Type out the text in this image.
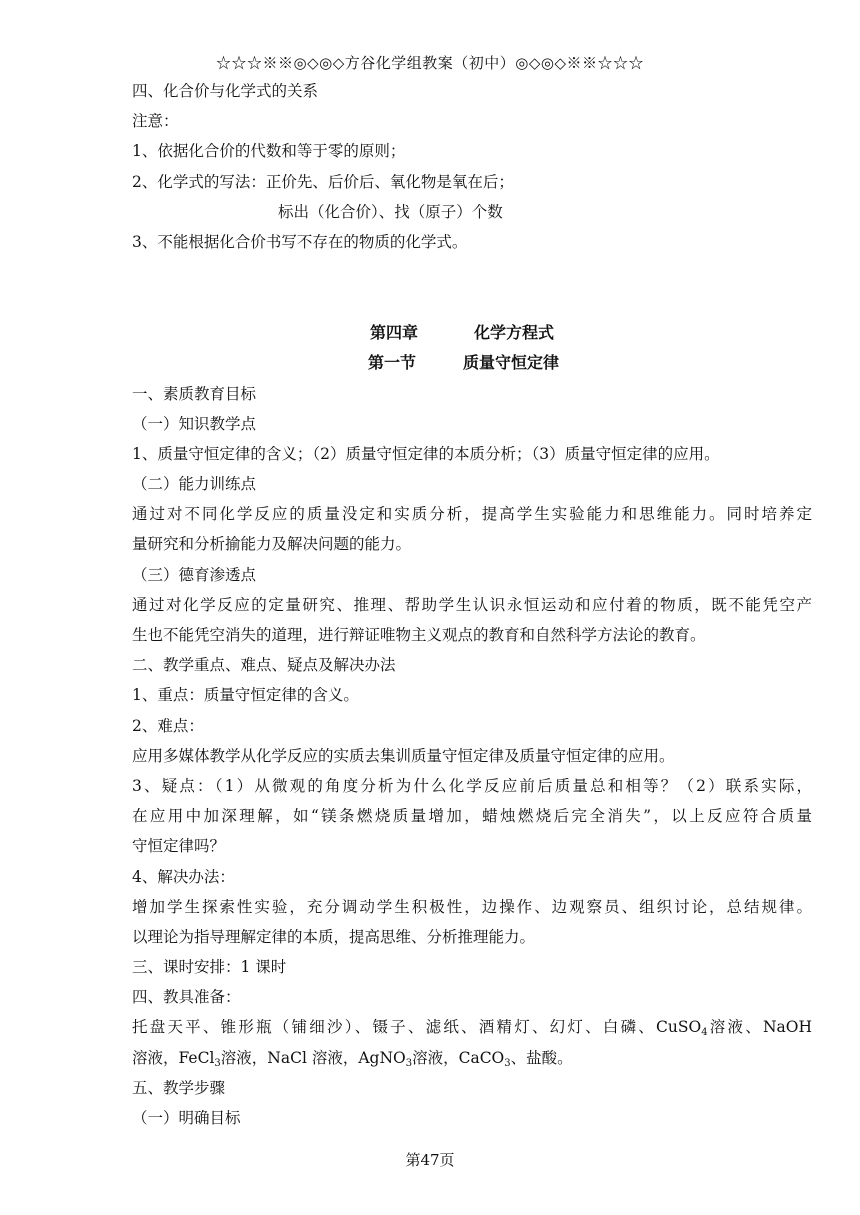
☆☆☆※※◎◇◎◇方谷化学组教案（初中）◎◇◎◇※※☆☆☆
四、化合价与化学式的关系
注意：
1、依据化合价的代数和等于零的原则；
2、化学式的写法：正价先、后价后、氧化物是氧在后；
标出（化合价）、找（原子）个数
3、不能根据化合价书写不存在的物质的化学式。
第四章	化学方程式
第一节	质量守恒定律
一、素质教育目标
（一）知识教学点
1、质量守恒定律的含义；（2）质量守恒定律的本质分析；（3）质量守恒定律的应用。
（二）能力训练点
通过对不同化学反应的质量没定和实质分析，提高学生实验能力和思维能力。同时培养定
量研究和分析揄能力及解决问题的能力。
（三）德育渗透点
通过对化学反应的定量研究、推理、帮助学生认识永恒运动和应付着的物质，既不能凭空产
生也不能凭空消失的道理，进行辩证唯物主义观点的教育和自然科学方法论的教育。
二、教学重点、难点、疑点及解决办法
1、重点：质量守恒定律的含义。
2、难点：
应用多媒体教学从化学反应的实质去集训质量守恒定律及质量守恒定律的应用。
3、疑点：（1）从微观的角度分析为什么化学反应前后质量总和相等？（2）联系实际，
在应用中加深理解，如“镁条燃烧质量增加，蜡烛燃烧后完全消失”，以上反应符合质量
守恒定律吗？
4、解决办法：
增加学生探索性实验，充分调动学生积极性，边操作、边观察员、组织讨论，总结规律。
以理论为指导理解定律的本质，提高思维、分析推理能力。
三、课时安排：1 课时
四、教具准备：
托盘天平、锥形瓶（铺细沙）、镊子、滤纸、酒精灯、幻灯、白磷、CuSO4溶液、NaOH
溶液，FeCl3溶液，NaCl 溶液，AgNO3溶液，CaCO3、盐酸。
五、教学步骤
（一）明确目标
第47页
